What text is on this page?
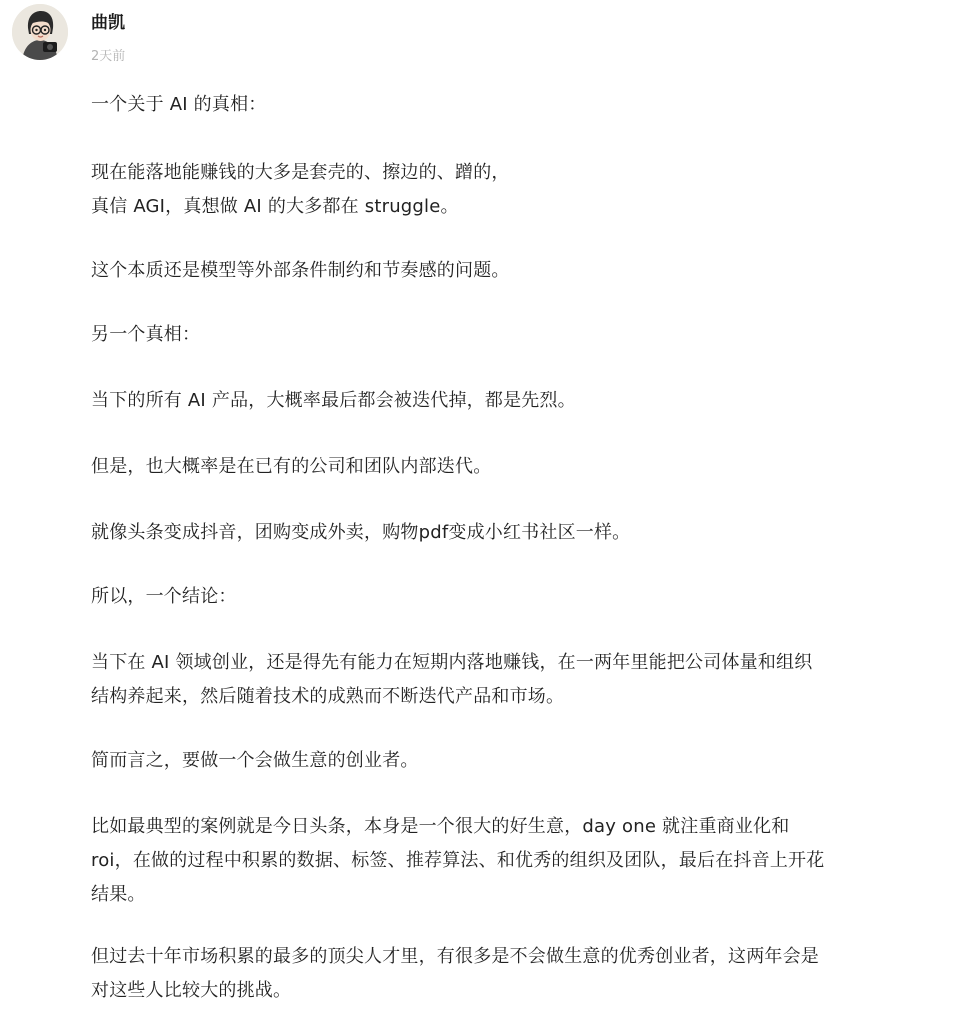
曲凯

2天前

一个关于 AI 的真相：

现在能落地能赚钱的大多是套壳的、擦边的、蹭的，
真信 AGI，真想做 AI 的大多都在 struggle。

这个本质还是模型等外部条件制约和节奏感的问题。

另一个真相：

当下的所有 AI 产品，大概率最后都会被迭代掉，都是先烈。

但是，也大概率是在已有的公司和团队内部迭代。

就像头条变成抖音，团购变成外卖，购物pdf变成小红书社区一样。

所以，一个结论：

当下在 AI 领域创业，还是得先有能力在短期内落地赚钱，在一两年里能把公司体量和组织
结构养起来，然后随着技术的成熟而不断迭代产品和市场。

简而言之，要做一个会做生意的创业者。

比如最典型的案例就是今日头条，本身是一个很大的好生意，day one 就注重商业化和
roi，在做的过程中积累的数据、标签、推荐算法、和优秀的组织及团队，最后在抖音上开花
结果。

但过去十年市场积累的最多的顶尖人才里，有很多是不会做生意的优秀创业者，这两年会是
对这些人比较大的挑战。
